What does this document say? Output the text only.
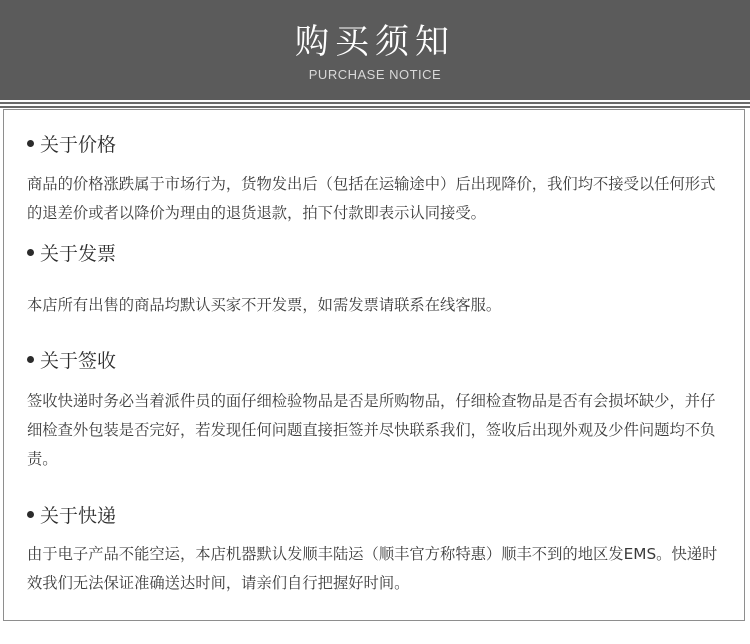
购买须知
PURCHASE NOTICE
关于价格
商品的价格涨跌属于市场行为，货物发出后（包括在运输途中）后出现降价，我们均不接受以任何形式的退差价或者以降价为理由的退货退款，拍下付款即表示认同接受。
关于发票
本店所有出售的商品均默认买家不开发票，如需发票请联系在线客服。
关于签收
签收快递时务必当着派件员的面仔细检验物品是否是所购物品，仔细检查物品是否有会损坏缺少，并仔细检查外包装是否完好，若发现任何问题直接拒签并尽快联系我们，签收后出现外观及少件问题均不负责。
关于快递
由于电子产品不能空运，本店机器默认发顺丰陆运（顺丰官方称特惠）顺丰不到的地区发EMS。快递时效我们无法保证准确送达时间，请亲们自行把握好时间。
